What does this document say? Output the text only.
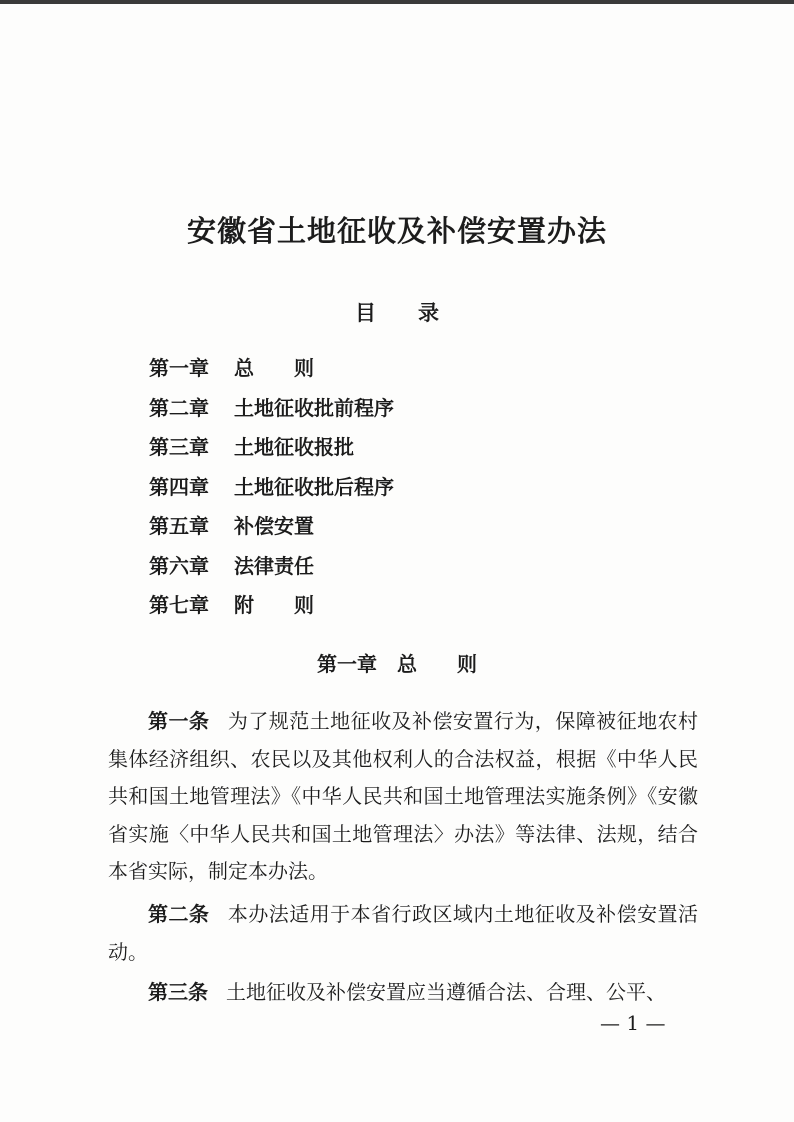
安徽省土地征收及补偿安置办法
目　　录
第一章 总　　则
第二章 土地征收批前程序
第三章 土地征收报批
第四章 土地征收批后程序
第五章 补偿安置
第六章 法律责任
第七章 附　　则
第一章　总　　则

第一条 为了规范土地征收及补偿安置行为，保障被征地农村集体经济组织、农民以及其他权利人的合法权益，根据《中华人民共和国土地管理法》《中华人民共和国土地管理法实施条例》《安徽省实施〈中华人民共和国土地管理法〉办法》等法律、法规，结合本省实际，制定本办法。

第二条 本办法适用于本省行政区域内土地征收及补偿安置活动。

第三条 土地征收及补偿安置应当遵循合法、合理、公平、

— 1 —
